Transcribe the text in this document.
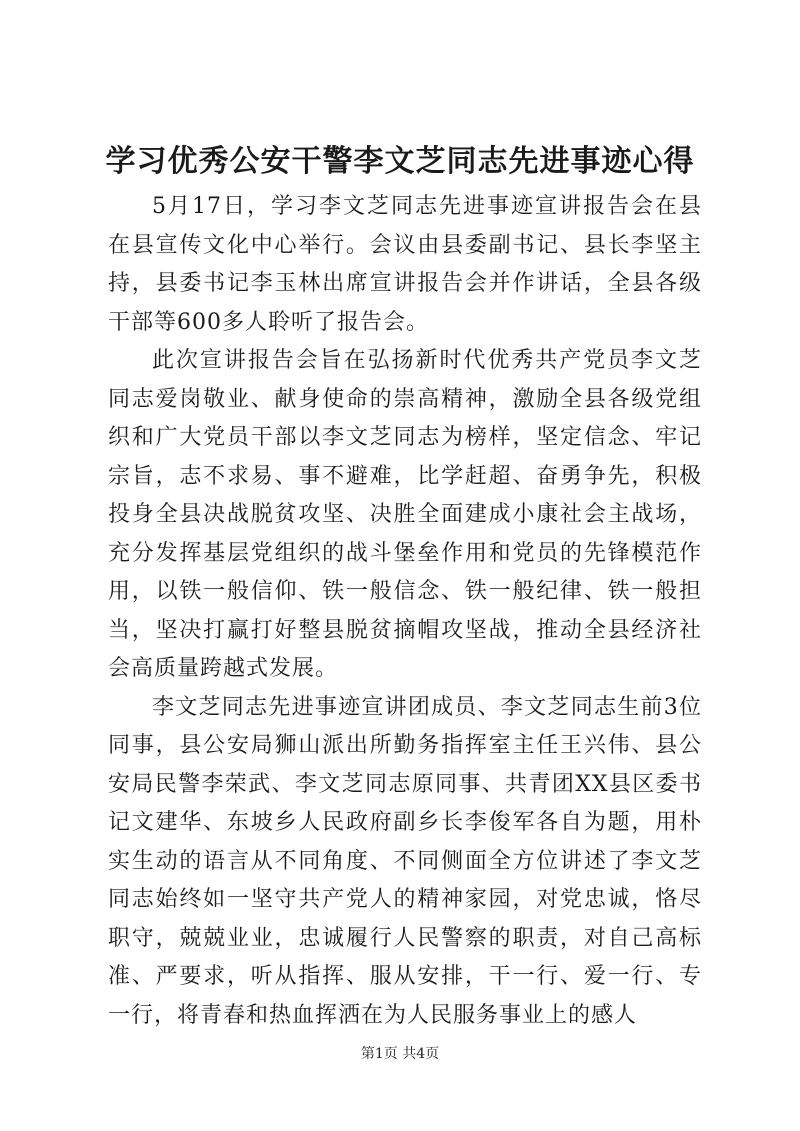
学习优秀公安干警李文芝同志先进事迹心得

5月17日，学习李文芝同志先进事迹宣讲报告会在县在县宣传文化中心举行。会议由县委副书记、县长李坚主持，县委书记李玉林出席宣讲报告会并作讲话，全县各级干部等600多人聆听了报告会。

此次宣讲报告会旨在弘扬新时代优秀共产党员李文芝同志爱岗敬业、献身使命的崇高精神，激励全县各级党组织和广大党员干部以李文芝同志为榜样，坚定信念、牢记宗旨，志不求易、事不避难，比学赶超、奋勇争先，积极投身全县决战脱贫攻坚、决胜全面建成小康社会主战场，充分发挥基层党组织的战斗堡垒作用和党员的先锋模范作用，以铁一般信仰、铁一般信念、铁一般纪律、铁一般担当，坚决打赢打好整县脱贫摘帽攻坚战，推动全县经济社会高质量跨越式发展。

李文芝同志先进事迹宣讲团成员、李文芝同志生前3位同事，县公安局狮山派出所勤务指挥室主任王兴伟、县公安局民警李荣武、李文芝同志原同事、共青团XX县区委书记文建华、东坡乡人民政府副乡长李俊军各自为题，用朴实生动的语言从不同角度、不同侧面全方位讲述了李文芝同志始终如一坚守共产党人的精神家园，对党忠诚，恪尽职守，兢兢业业，忠诚履行人民警察的职责，对自己高标准、严要求，听从指挥、服从安排，干一行、爱一行、专一行，将青春和热血挥洒在为人民服务事业上的感人

第1页 共4页
